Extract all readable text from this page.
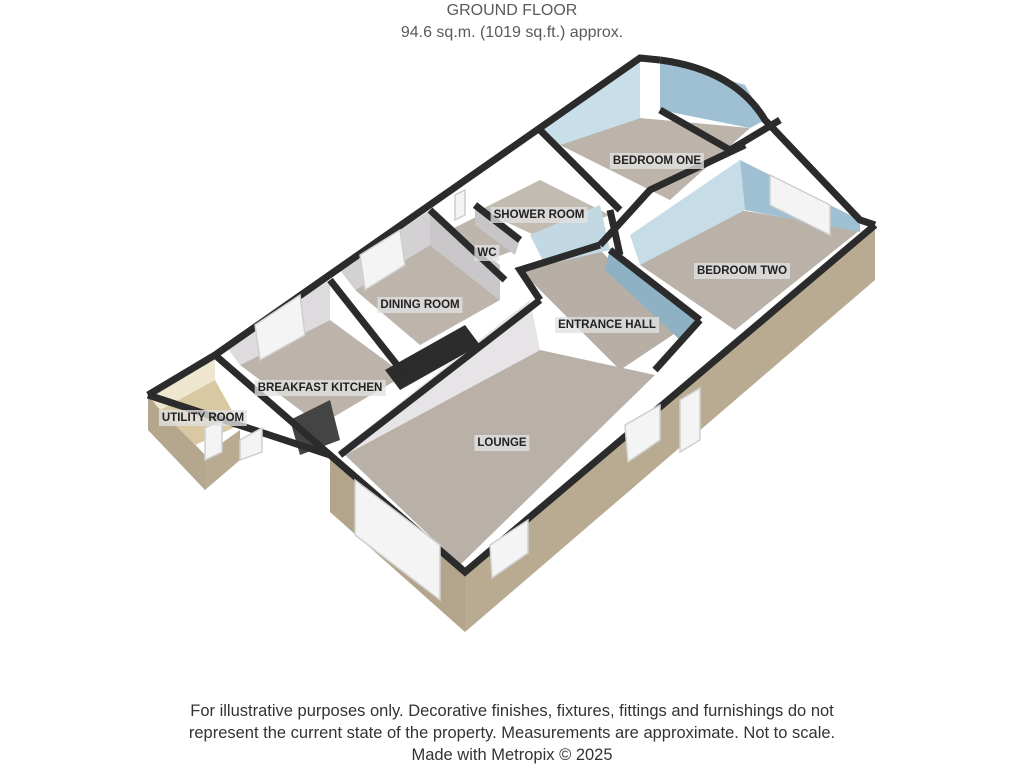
GROUND FLOOR
94.6 sq.m. (1019 sq.ft.) approx.
BEDROOM ONE
SHOWER ROOM
WC
BEDROOM TWO
DINING ROOM
ENTRANCE HALL
BREAKFAST KITCHEN
UTILITY ROOM
LOUNGE
For illustrative purposes only. Decorative finishes, fixtures, fittings and furnishings do not
represent the current state of the property. Measurements are approximate. Not to scale.
Made with Metropix © 2025
